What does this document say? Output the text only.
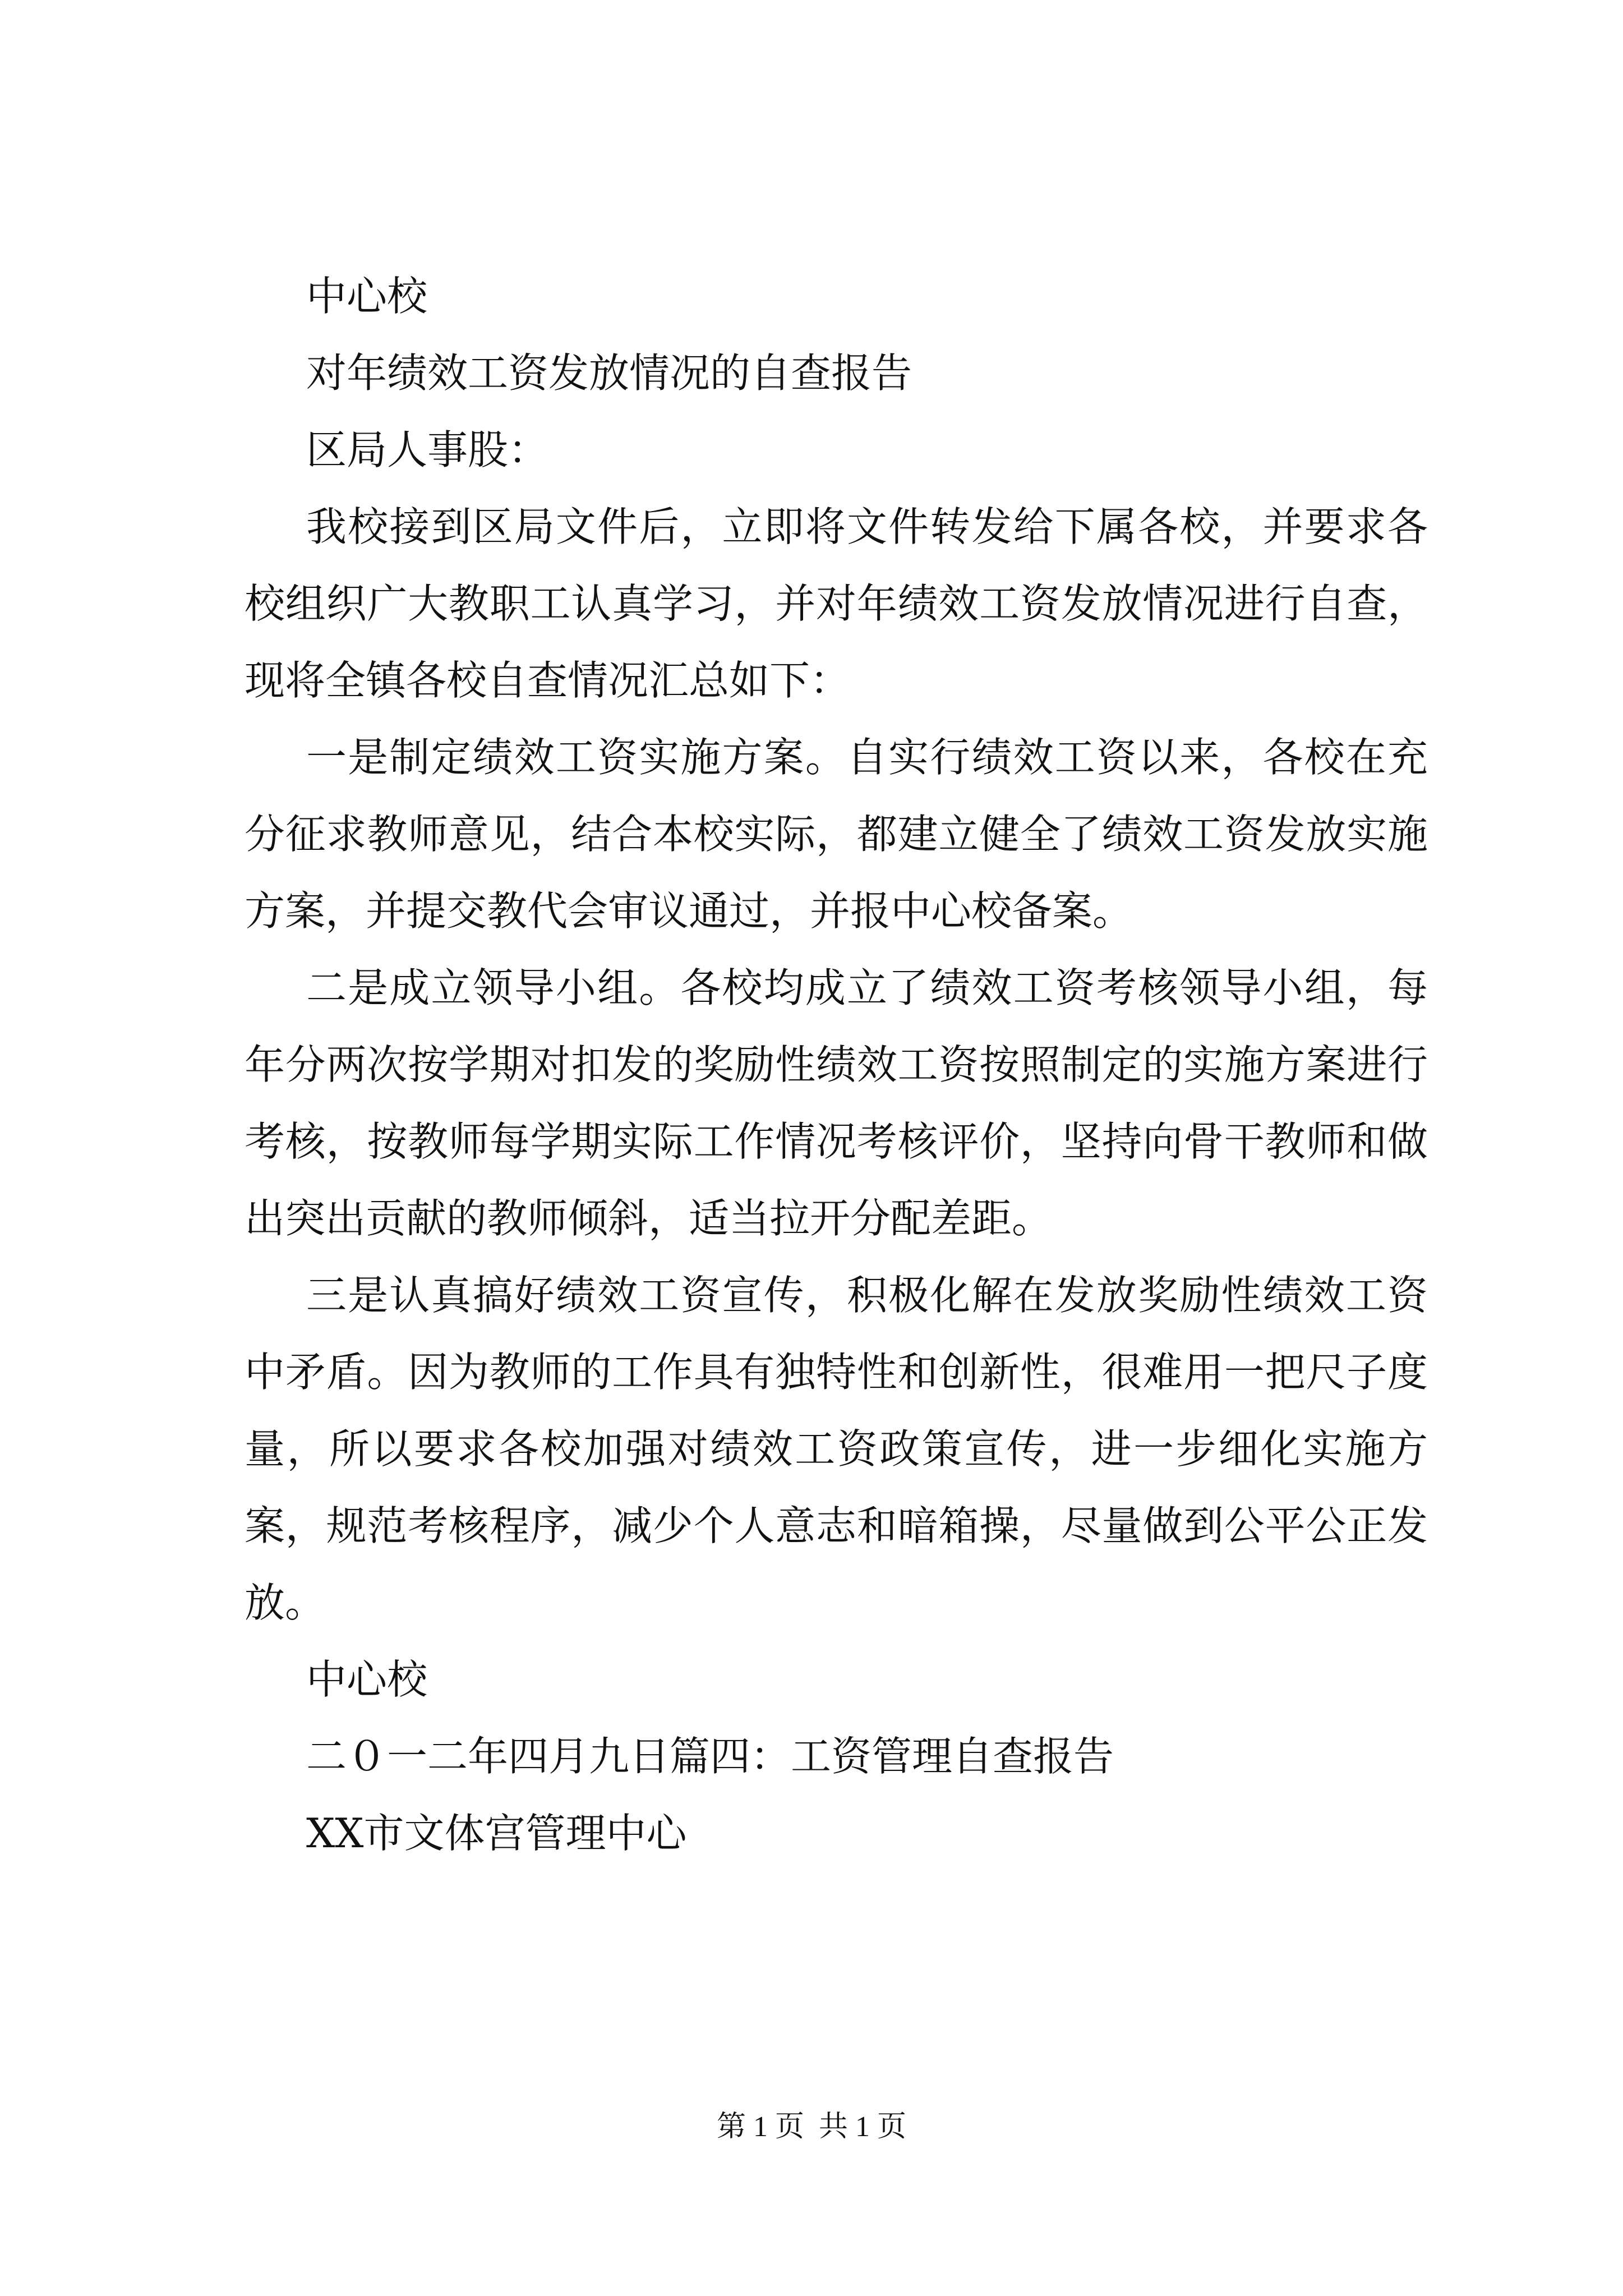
中心校

对年绩效工资发放情况的自查报告

区局人事股：

我校接到区局文件后，立即将文件转发给下属各校，并要求各校组织广大教职工认真学习，并对年绩效工资发放情况进行自查，现将全镇各校自查情况汇总如下：

一是制定绩效工资实施方案。自实行绩效工资以来，各校在充分征求教师意见，结合本校实际，都建立健全了绩效工资发放实施方案，并提交教代会审议通过，并报中心校备案。

二是成立领导小组。各校均成立了绩效工资考核领导小组，每年分两次按学期对扣发的奖励性绩效工资按照制定的实施方案进行考核，按教师每学期实际工作情况考核评价，坚持向骨干教师和做出突出贡献的教师倾斜，适当拉开分配差距。

三是认真搞好绩效工资宣传，积极化解在发放奖励性绩效工资中矛盾。因为教师的工作具有独特性和创新性，很难用一把尺子度量，所以要求各校加强对绩效工资政策宣传，进一步细化实施方案，规范考核程序，减少个人意志和暗箱操，尽量做到公平公正发放。

中心校

二０一二年四月九日篇四：工资管理自查报告

XX市文体宫管理中心

第 1 页  共 1 页
